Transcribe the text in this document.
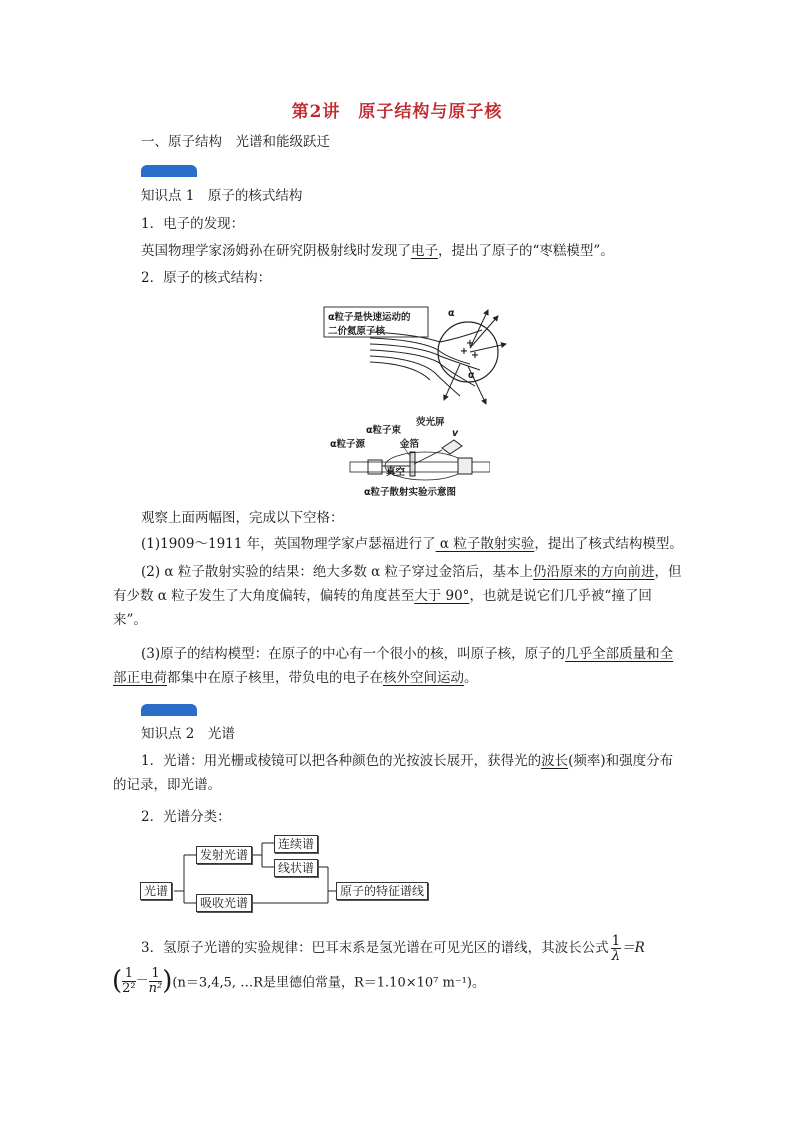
第2讲 原子结构与原子核
一、原子结构　光谱和能级跃迁
知识点 1　原子的核式结构
1．电子的发现：
英国物理学家汤姆孙在研究阴极射线时发现了电子，提出了原子的“枣糕模型”。
2．原子的核式结构：
α粒子是快速运动的
二价氦原子核
α
α
+
+ +
α粒子束
荧光屏
α粒子源	金箔
真空
v
α粒子散射实验示意图
观察上面两幅图，完成以下空格：
(1)1909～1911 年，英国物理学家卢瑟福进行了 α 粒子散射实验，提出了核式结构模型。
(2) α 粒子散射实验的结果：绝大多数 α 粒子穿过金箔后，基本上仍沿原来的方向前进，但有少数 α 粒子发生了大角度偏转，偏转的角度甚至大于 90°，也就是说它们几乎被“撞了回来”。
(3)原子的结构模型：在原子的中心有一个很小的核，叫原子核，原子的几乎全部质量和全部正电荷都集中在原子核里，带负电的电子在核外空间运动。
知识点 2　光谱
1．光谱：用光栅或棱镜可以把各种颜色的光按波长展开，获得光的波长(频率)和强度分布的记录，即光谱。
2．光谱分类：
光谱
发射光谱
吸收光谱
连续谱
线状谱
原子的特征谱线
3．氢原子光谱的实验规律：巴耳末系是氢光谱在可见光区的谱线，其波长公式 $\frac{1}{\lambda} =R$
( $\frac{1}{\text{2²}} - \frac{1}{\text{n²}} )(n=3,4,5$, …R是里德伯常量，R＝1.10×10⁷ m⁻¹)。
